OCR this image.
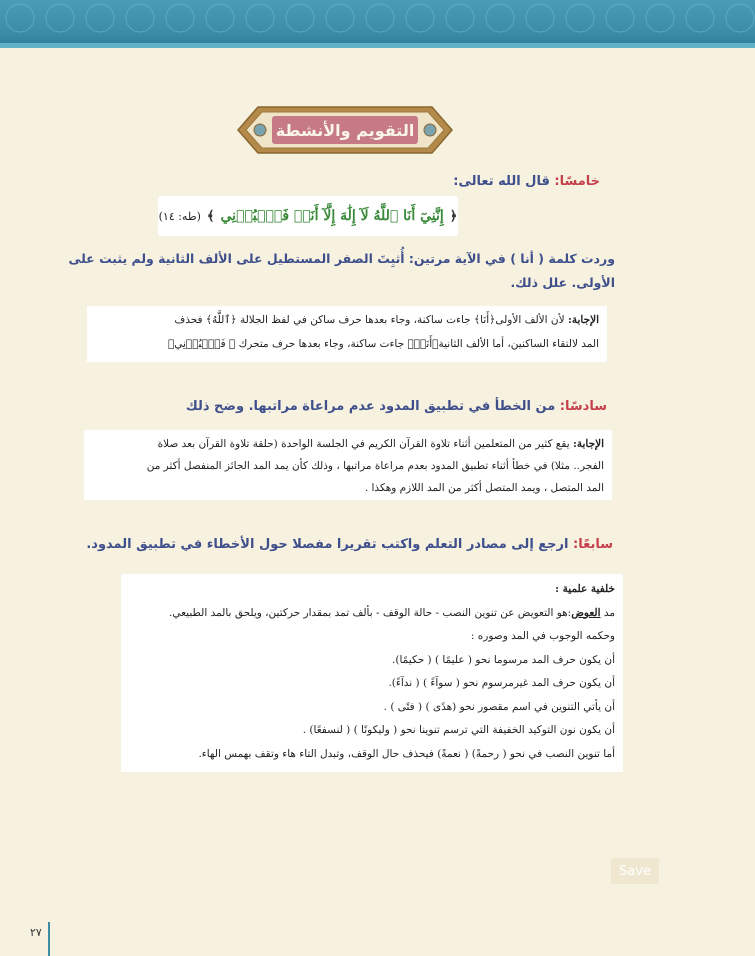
التقويم والأنشطة
خامسًا: قال الله تعالى:
﴿
إِنَّنِيٓ أَنَا ٱللَّهُ لَآ إِلَٰهَ إِلَّآ أَنَا۠ فَٱعۡبُدۡنِي
﴾
(طه: ١٤)
وردت كلمة ( أنا ) في الآية مرتين: أُثبِتَ الصفر المستطيل على الألف الثانية ولم يثبت على
الأولى. علل ذلك.
الإجابة: لأن الألف الأولى﴿أَنَا﴾ جاءت ساكنة، وجاء بعدها حرف ساكن في لفظ الجلالة ﴿ٱللَّهُ﴾ فحذف
المد لالتقاء الساكنين، أما الألف الثانية﴿أَنَا۠﴾ جاءت ساكنة، وجاء بعدها حرف متحرك ﴿ فَٱعۡبُدۡنِي﴾
سادسًا: من الخطأ في تطبيق المدود عدم مراعاة مراتبها. وضح ذلك
الإجابة: يقع كثير من المتعلمين أثناء تلاوة القرآن الكريم في الجلسة الواحدة (حلقة تلاوة القرآن بعد صلاة
الفجر.. مثلا) في خطأ أثناء تطبيق المدود بعدم مراعاة مراتبها ، وذلك كأن يمد المد الجائز المنفصل أكثر من
المد المتصل ، ويمد المتصل أكثر من المد اللازم وهكذا .
سابعًا: ارجع إلى مصادر التعلم واكتب تقريرا مفصلا حول الأخطاء في تطبيق المدود.
خلفية علمية :
مد العوض:هو التعويض عن تنوين النصب - حالة الوقف - بألف تمد بمقدار حركتين، ويلحق بالمد الطبيعي.
وحكمه الوجوب في المد وصوره :
أن يكون حرف المد مرسوما نحو ( عليمًا ) ( حكيمًا).
أن يكون حرف المد غيرمرسوم نحو ( سوآءً ) ( ندآءً).
أن يأتي التنوين في اسم مقصور نحو (هدًى ) ( فتًى ) .
أن يكون نون التوكيد الخفيفة التي ترسم تنوينا نحو ( وليكونًا ) ( لنسفعًا) .
أما تنوين النصب في نحو ( رحمةً) ( نعمةً) فيحذف حال الوقف، وتبدل التاء هاء وتقف بهمس الهاء.
Save
٢٧
